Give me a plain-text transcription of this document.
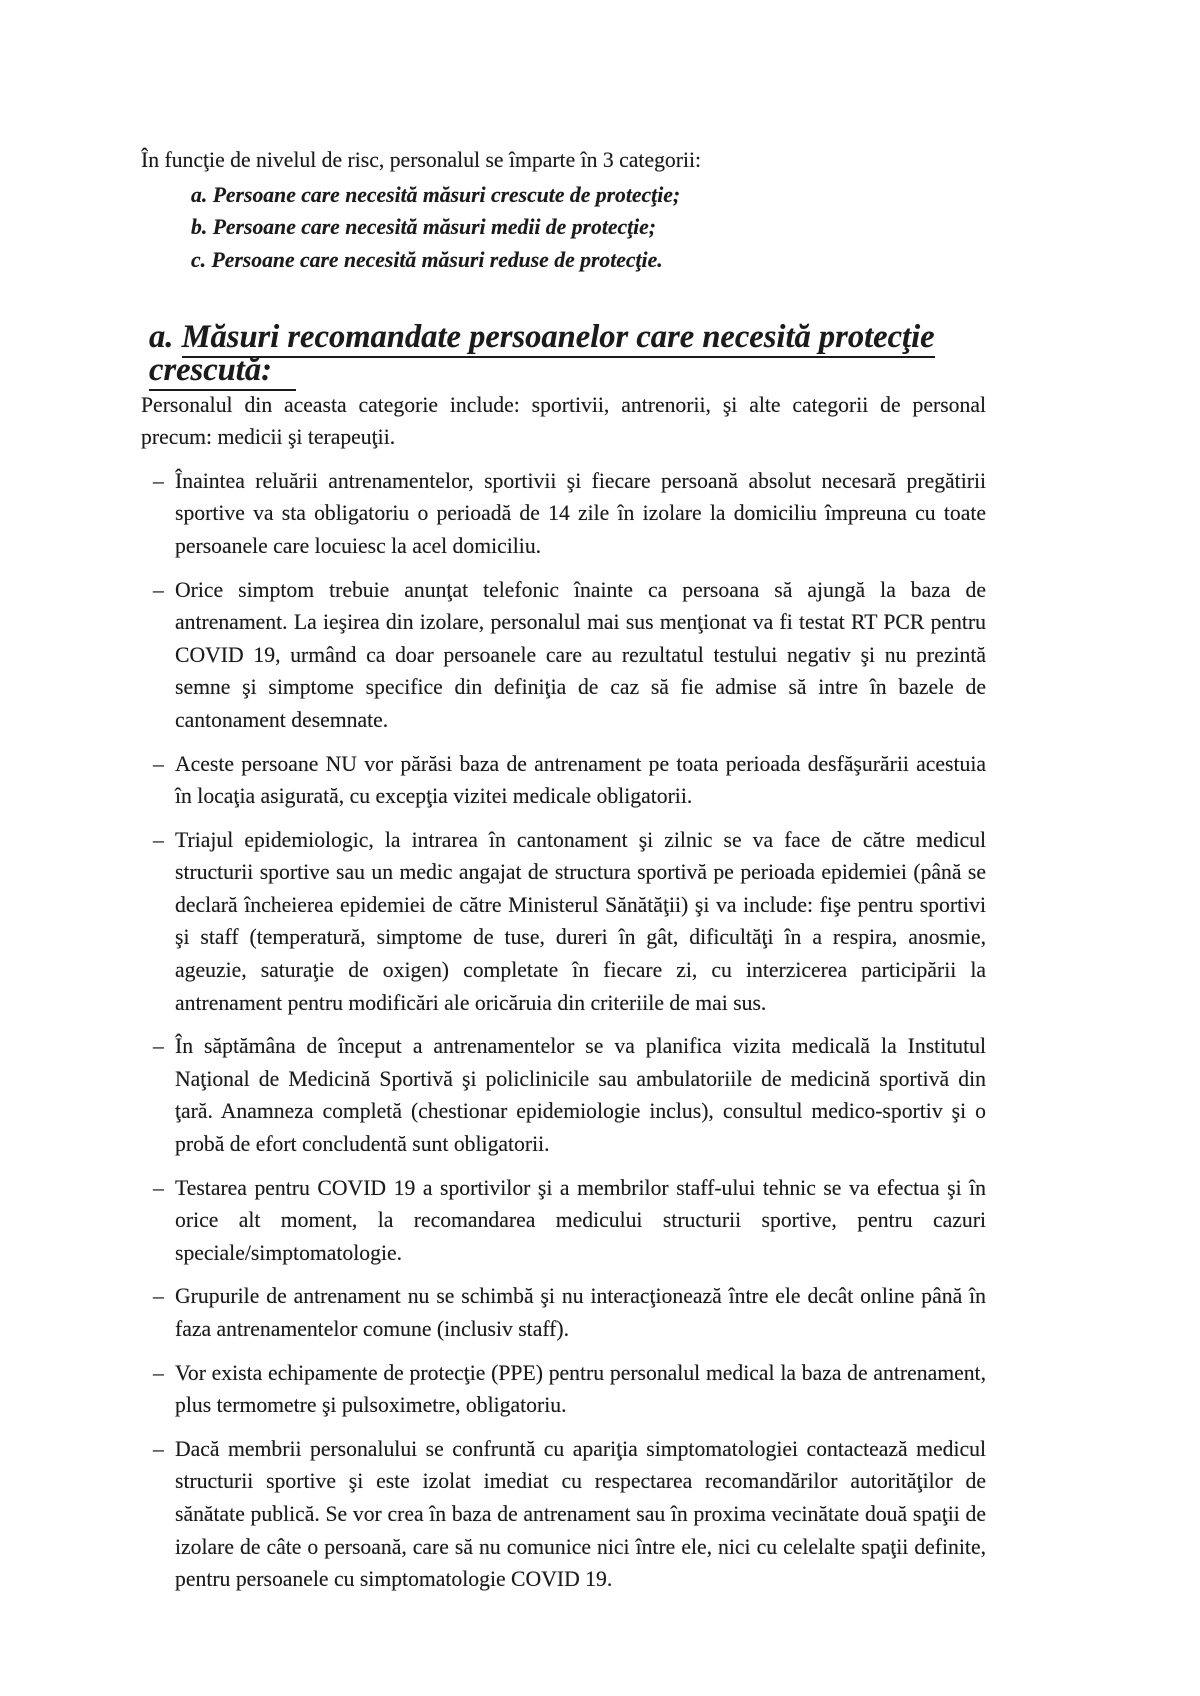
În funcţie de nivelul de risc, personalul se împarte în 3 categorii:

a. Persoane care necesită măsuri crescute de protecţie;
b. Persoane care necesită măsuri medii de protecţie;
c. Persoane care necesită măsuri reduse de protecţie.
a. Măsuri recomandate persoanelor care necesită protecţie crescută:

Personalul din aceasta categorie include: sportivii, antrenorii, şi alte categorii de personal precum: medicii şi terapeuţii.

– Înaintea reluării antrenamentelor, sportivii şi fiecare persoană absolut necesară pregătirii sportive va sta obligatoriu o perioadă de 14 zile în izolare la domiciliu împreuna cu toate persoanele care locuiesc la acel domiciliu.
– Orice simptom trebuie anunţat telefonic înainte ca persoana să ajungă la baza de antrenament. La ieşirea din izolare, personalul mai sus menţionat va fi testat RT PCR pentru COVID 19, urmând ca doar persoanele care au rezultatul testului negativ şi nu prezintă semne şi simptome specifice din definiţia de caz să fie admise să intre în bazele de cantonament desemnate.
– Aceste persoane NU vor părăsi baza de antrenament pe toata perioada desfăşurării acestuia în locaţia asigurată, cu excepţia vizitei medicale obligatorii.
– Triajul epidemiologic, la intrarea în cantonament şi zilnic se va face de către medicul structurii sportive sau un medic angajat de structura sportivă pe perioada epidemiei (până se declară încheierea epidemiei de către Ministerul Sănătăţii) şi va include: fişe pentru sportivi şi staff (temperatură, simptome de tuse, dureri în gât, dificultăţi în a respira, anosmie, ageuzie, saturaţie de oxigen) completate în fiecare zi, cu interzicerea participării la antrenament pentru modificări ale oricăruia din criteriile de mai sus.
– În săptămâna de început a antrenamentelor se va planifica vizita medicală la Institutul Naţional de Medicină Sportivă şi policlinicile sau ambulatoriile de medicină sportivă din ţară. Anamneza completă (chestionar epidemiologie inclus), consultul medico-sportiv şi o probă de efort concludentă sunt obligatorii.
– Testarea pentru COVID 19 a sportivilor şi a membrilor staff-ului tehnic se va efectua şi în orice alt moment, la recomandarea medicului structurii sportive, pentru cazuri speciale/simptomatologie.
– Grupurile de antrenament nu se schimbă şi nu interacţionează între ele decât online până în faza antrenamentelor comune (inclusiv staff).
– Vor exista echipamente de protecţie (PPE) pentru personalul medical la baza de antrenament, plus termometre şi pulsoximetre, obligatoriu.
– Dacă membrii personalului se confruntă cu apariţia simptomatologiei contactează medicul structurii sportive şi este izolat imediat cu respectarea recomandărilor autorităţilor de sănătate publică. Se vor crea în baza de antrenament sau în proxima vecinătate două spaţii de izolare de câte o persoană, care să nu comunice nici între ele, nici cu celelalte spaţii definite, pentru persoanele cu simptomatologie COVID 19.
